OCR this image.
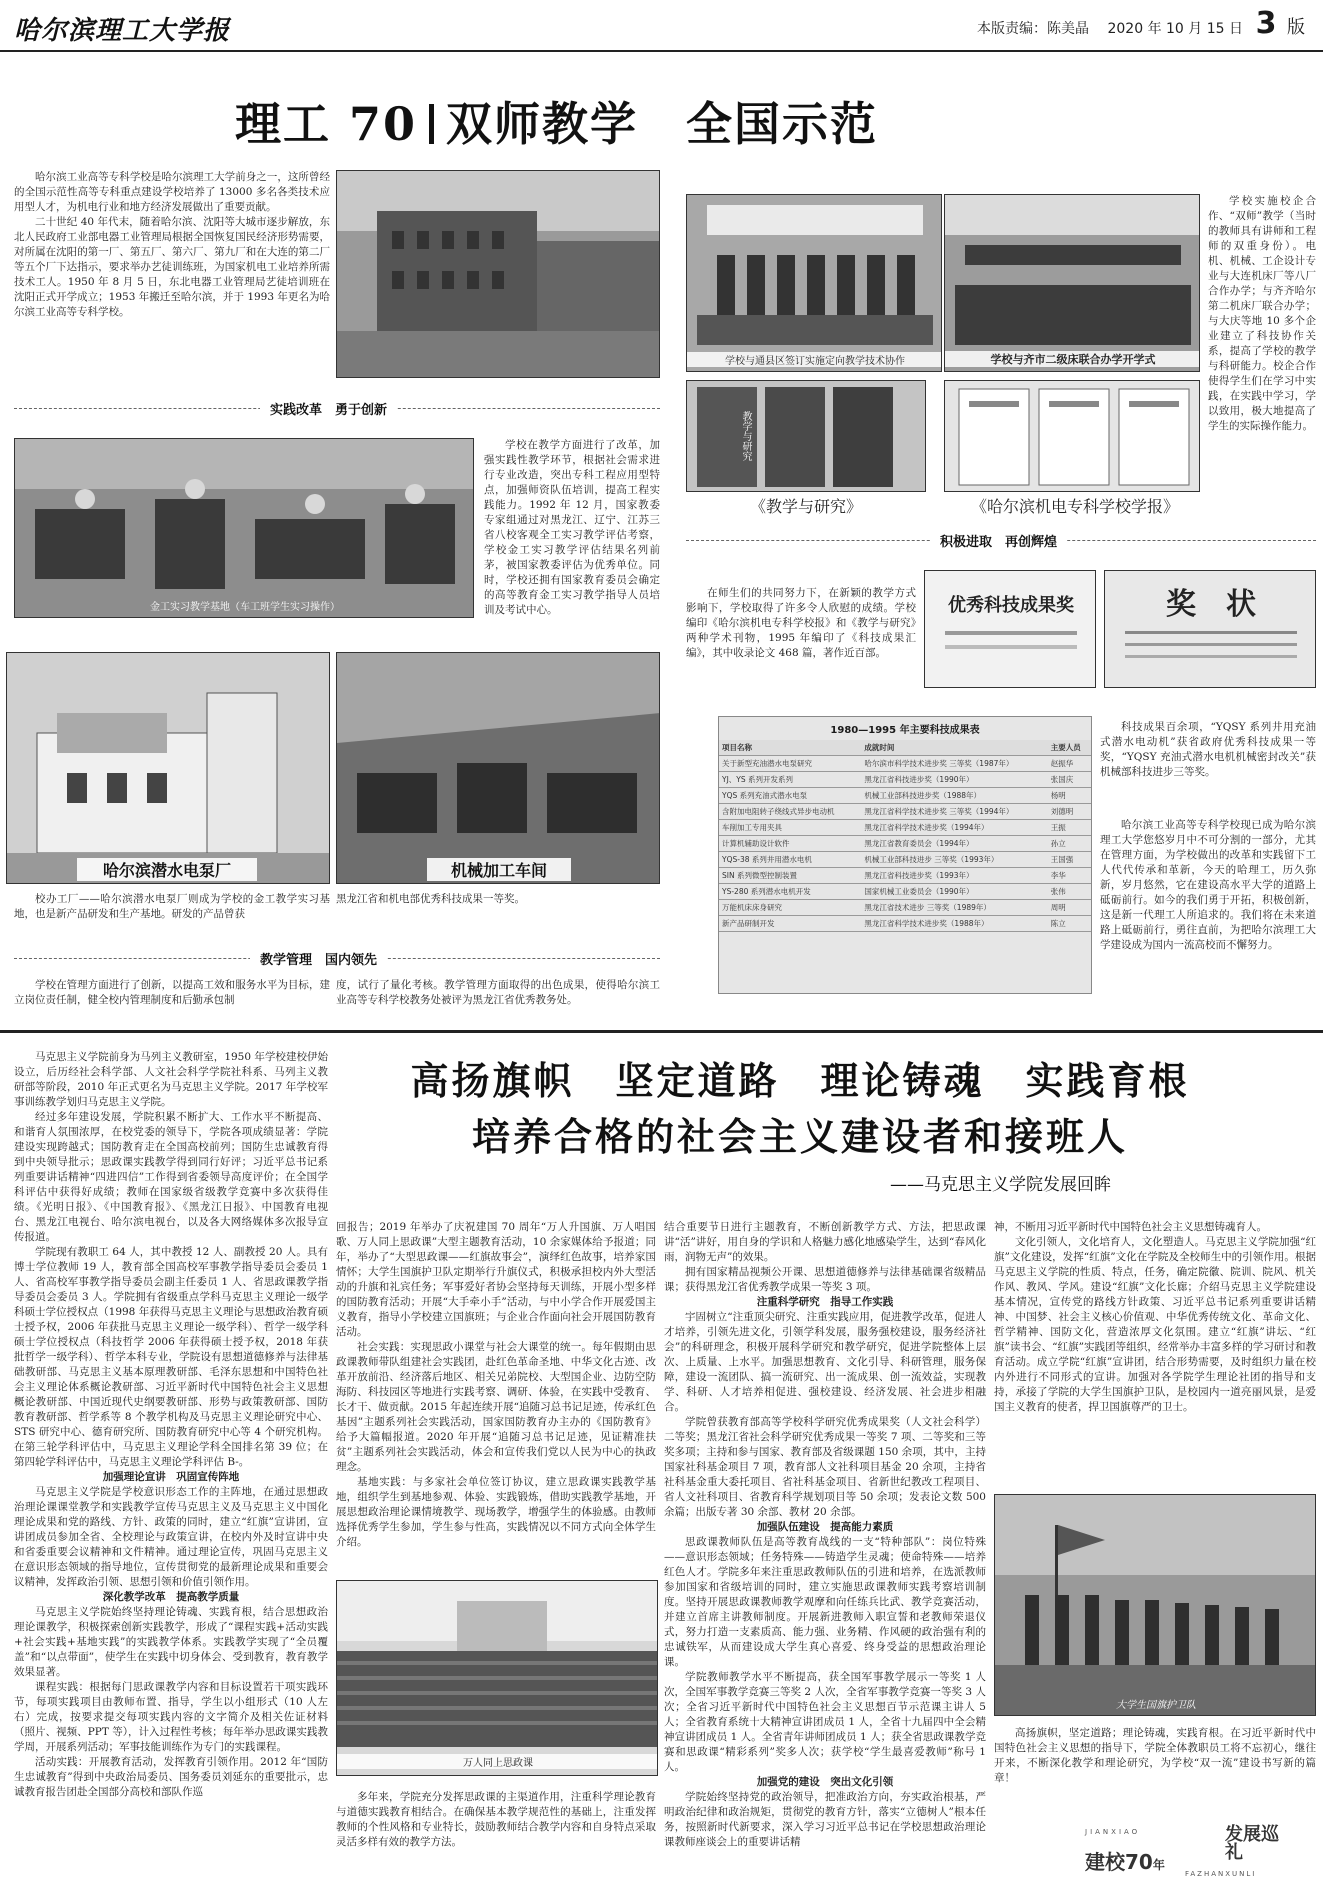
哈尔滨理工大学报	本版责编：陈美晶 2020 年 10 月 15 日 3 版
理工 70 双师教学　全国示范

哈尔滨工业高等专科学校是哈尔滨理工大学前身之一，这所曾经的全国示范性高等专科重点建设学校培养了 13000 多名各类技术应用型人才，为机电行业和地方经济发展做出了重要贡献。

二十世纪 40 年代末，随着哈尔滨、沈阳等大城市逐步解放，东北人民政府工业部电器工业管理局根据全国恢复国民经济形势需要，对所属在沈阳的第一厂、第五厂、第六厂、第九厂和在大连的第二厂等五个厂下达指示，要求举办艺徒训练班，为国家机电工业培养所需技术工人。1950 年 8 月 5 日，东北电器工业管理局艺徒培训班在沈阳正式开学成立；1953 年搬迁至哈尔滨，并于 1993 年更名为哈尔滨工业高等专科学校。

实践改革　勇于创新
金工实习教学基地（车工班学生实习操作）

学校在教学方面进行了改革，加强实践性教学环节，根据社会需求进行专业改造，突出专科工程应用型特点，加强师资队伍培训，提高工程实践能力。1992 年 12 月，国家教委专家组通过对黑龙江、辽宁、江苏三省八校客观全工实习教学评估考察，学校金工实习教学评估结果名列前茅，被国家教委评估为优秀单位。同时，学校还拥有国家教育委员会确定的高等教育金工实习教学指导人员培训及考试中心。

哈尔滨潜水电泵厂	机械加工车间

校办工厂——哈尔滨潜水电泵厂则成为学校的金工教学实习基地，也是新产品研发和生产基地。研发的产品曾获

黑龙江省和机电部优秀科技成果一等奖。

教学管理　国内领先

学校在管理方面进行了创新，以提高工效和服务水平为目标，建立岗位责任制，健全校内管理制度和后勤承包制

度，试行了量化考核。教学管理方面取得的出色成果，使得哈尔滨工业高等专科学校教务处被评为黑龙江省优秀教务处。

学校与通县区签订实施定向教学技术协作	学校与齐市二级床联合办学开学式

学校实施校企合作、“双师”教学（当时的教师具有讲师和工程师的双重身份）。电机、机械、工企设计专业与大连机床厂等八厂合作办学；与齐齐哈尔第二机床厂联合办学；与大庆等地 10 多个企业建立了科技协作关系，提高了学校的教学与科研能力。校企合作使得学生们在学习中实践，在实践中学习，学以致用，极大地提高了学生的实际操作能力。

教学与研究
《教学与研究》	《哈尔滨机电专科学校学报》
积极进取　再创辉煌

在师生们的共同努力下，在新颖的教学方式影响下，学校取得了许多令人欣慰的成绩。学校编印《哈尔滨机电专科学校报》和《教学与研究》两种学术刊物，1995 年编印了《科技成果汇编》，其中收录论文 468 篇，著作近百部。

优秀科技成果奖	奖　状
1980—1995 年主要科技成果表
项目名称	成就时间	主要人员
关于新型充油潜水电泵研究	哈尔滨市科学技术进步奖 三等奖（1987年）	赵振华
YJ、YS 系列开发系列	黑龙江省科技进步奖（1990年）	张国庆
YQS 系列充油式潜水电泵	机械工业部科技进步奖（1988年）	杨明
含附加电阻转子绕线式异步电动机	黑龙江省科学技术进步奖 三等奖（1994年）	刘德明
车削加工专用夹具	黑龙江省科学技术进步奖（1994年）	王振
计算机辅助设计软件	黑龙江省教育委员会（1994年）	孙立
YQS-38 系列井用潜水电机	机械工业部科技进步 三等奖（1993年）	王国强
SIN 系列微型控制装置	黑龙江省科技进步奖（1993年）	李华
YS-280 系列潜水电机开发	国家机械工业委员会（1990年）	张伟
万能机床床身研究	黑龙江省技术进步 三等奖（1989年）	周明
新产品研制开发	黑龙江省科学技术进步奖（1988年）	陈立

科技成果百余项，“YQSY 系列井用充油式潜水电动机”获省政府优秀科技成果一等奖，“YQSY 充油式潜水电机机械密封改关”获机械部科技进步三等奖。

哈尔滨工业高等专科学校现已成为哈尔滨理工大学您悠岁月中不可分割的一部分，尤其在管理方面，为学校做出的改革和实践留下工人代代传承和革新，今天的哈理工，历久弥新，岁月悠然，它在建设高水平大学的道路上砥砺前行。如今的我们勇于开拓，积极创新，这是新一代理工人所追求的。我们将在未来道路上砥砺前行，勇往直前，为把哈尔滨理工大学建设成为国内一流高校而不懈努力。

高扬旗帜　坚定道路　理论铸魂　实践育根
培养合格的社会主义建设者和接班人
——马克思主义学院发展回眸

马克思主义学院前身为马列主义教研室，1950 年学校建校伊始设立，后历经社会科学部、人文社会科学学院社科系、马列主义教研部等阶段，2010 年正式更名为马克思主义学院。2017 年学校军事训练教学划归马克思主义学院。

经过多年建设发展，学院积累不断扩大、工作水平不断提高、和谐育人氛围浓厚，在校党委的领导下，学院各项成绩显著：学院建设实现跨越式；国防教育走在全国高校前列；国防生忠诚教育得到中央领导批示；思政课实践教学得到同行好评；习近平总书记系列重要讲话精神“四进四信”工作得到省委领导高度评价；在全国学科评估中获得好成绩；教师在国家级省级教学竞赛中多次获得佳绩。《光明日报》、《中国教育报》、《黑龙江日报》、中国教育电视台、黑龙江电视台、哈尔滨电视台，以及各大网络媒体多次报导宣传报道。

学院现有教职工 64 人，其中教授 12 人、副教授 20 人。具有博士学位教师 19 人，教育部全国高校军事教学指导委员会委员 1 人、省高校军事教学指导委员会副主任委员 1 人、省思政课教学指导委员会委员 3 人。学院拥有省级重点学科马克思主义理论一级学科硕士学位授权点（1998 年获得马克思主义理论与思想政治教育硕士授予权，2006 年获批马克思主义理论一级学科）、哲学一级学科硕士学位授权点（科技哲学 2006 年获得硕士授予权，2018 年获批哲学一级学科）、哲学本科专业，学院设有思想道德修养与法律基础教研部、马克思主义基本原理教研部、毛泽东思想和中国特色社会主义理论体系概论教研部、习近平新时代中国特色社会主义思想概论教研部、中国近现代史纲要教研部、形势与政策教研部、国防教育教研部、哲学系等 8 个教学机构及马克思主义理论研究中心、STS 研究中心、德育研究所、国防教育研究中心等 4 个研究机构。在第三轮学科评估中，马克思主义理论学科全国排名第 39 位；在第四轮学科评估中，马克思主义理论学科评估 B-。

加强理论宣讲　巩固宣传阵地

马克思主义学院是学校意识形态工作的主阵地，在通过思想政治理论课课堂教学和实践教学宣传马克思主义及马克思主义中国化理论成果和党的路线、方针、政策的同时，建立“红旗”宣讲团，宣讲团成员参加全省、全校理论与政策宣讲，在校内外及时宣讲中央和省委重要会议精神和文件精神。通过理论宣传，巩固马克思主义在意识形态领域的指导地位，宣传贯彻党的最新理论成果和重要会议精神，发挥政治引领、思想引领和价值引领作用。

深化教学改革　提高教学质量

马克思主义学院始终坚持理论铸魂、实践育根，结合思想政治理论课教学，积极探索创新实践教学，形成了“课程实践+活动实践+社会实践+基地实践”的实践教学体系。实践教学实现了“全员覆盖”和“以点带面”，使学生在实践中切身体会、受到教育，教育教学效果显著。

课程实践：根据每门思政课教学内容和目标设置若干项实践环节，每项实践项目由教师布置、指导，学生以小组形式（10 人左右）完成，按要求提交每项实践内容的文字简介及相关佐证材料（照片、视频、PPT 等），计入过程性考核；每年举办思政课实践教学周，开展系列活动；军事技能训练作为专门的实践课程。

活动实践：开展教育活动，发挥教育引领作用。2012 年“国防生忠诚教育”得到中央政治局委员、国务委员刘延东的重要批示，忠诚教育报告团赴全国部分高校和部队作巡

回报告；2019 年举办了庆祝建国 70 周年“万人升国旗、万人唱国歌、万人同上思政课”大型主题教育活动，10 余家媒体给予报道；同年，举办了“大型思政课——红旗故事会”，演绎红色故事，培养家国情怀；大学生国旗护卫队定期举行升旗仪式，积极承担校内外大型活动的升旗和礼宾任务；军事爱好者协会坚持每天训练，开展小型多样的国防教育活动；开展“大手牵小手”活动，与中小学合作开展爱国主义教育，指导小学校建立国旗班；与企业合作面向社会开展国防教育活动。

社会实践：实现思政小课堂与社会大课堂的统一。每年假期由思政课教师带队组建社会实践团，赴红色革命圣地、中华文化古迹、改革开放前沿、经济落后地区、相关兄弟院校、大型国企业、边防空防海防、科技园区等地进行实践考察、调研、体验，在实践中受教育、长才干、做贡献。2015 年起连续开展“追随习总书记足迹，传承红色基因”主题系列社会实践活动，国家国防教育办主办的《国防教育》给予大篇幅报道。2020 年开展“追随习总书记足迹，见证精准扶贫”主题系列社会实践活动，体会和宣传我们党以人民为中心的执政理念。

基地实践：与多家社会单位签订协议，建立思政课实践教学基地，组织学生到基地参观、体验、实践锻炼，借助实践教学基地，开展思想政治理论课情境教学、现场教学，增强学生的体验感。由教师选择优秀学生参加，学生参与性高，实践情况以不同方式向全体学生介绍。

万人同上思政课

多年来，学院充分发挥思政课的主渠道作用，注重科学理论教育与道德实践教育相结合。在确保基本教学规范性的基础上，注重发挥教师的个性风格和专业特长，鼓励教师结合教学内容和自身特点采取灵活多样有效的教学方法。

结合重要节日进行主题教育，不断创新教学方式、方法，把思政课讲“活”讲好，用自身的学识和人格魅力感化地感染学生，达到“春风化雨，润物无声”的效果。

拥有国家精品视频公开课、思想道德修养与法律基础课省级精品课；获得黑龙江省优秀教学成果一等奖 3 项。

注重科学研究　指导工作实践

宇固树立“注重顶尖研究、注重实践应用，促进教学改革，促进人才培养，引领先进文化，引领学科发展，服务强校建设，服务经济社会”的科研理念，积极开展科学研究和教学研究，促进学院整体上层次、上质量、上水平。加强思想教育、文化引导、科研管理，服务保障，建设一流团队、搞一流研究、出一流成果、创一流效益，实现教学、科研、人才培养相促进、强校建设、经济发展、社会进步相融合。

学院曾获教育部高等学校科学研究优秀成果奖（人文社会科学）二等奖；黑龙江省社会科学研究优秀成果一等奖 7 项、二等奖和三等奖多项；主持和参与国家、教育部及省级课题 150 余项，其中，主持国家社科基金项目 7 项，教育部人文社科项目基金 20 余项，主持省社科基金重大委托项目、省社科基金项目、省新世纪教改工程项目、省人文社科项目、省教育科学规划项目等 50 余项；发表论文数 500 余篇；出版专著 30 余部、教材 20 余部。

加强队伍建设　提高能力素质

思政课教师队伍是高等教育战线的一支“特种部队”：岗位特殊——意识形态领域；任务特殊——铸造学生灵魂；使命特殊——培养红色人才。学院多年来注重思政教师队伍的引进和培养，在选派教师参加国家和省级培训的同时，建立实施思政课教师实践考察培训制度。坚持开展思政课教师教学观摩和向任练兵比武、教学竞赛活动，并建立首席主讲教师制度。开展新进教师入职宣誓和老教师荣退仪式，努力打造一支素质高、能力强、业务精、作风硬的政治强有利的忠诚铁军，从而建设成大学生真心喜爱、终身受益的思想政治理论课。

学院教师教学水平不断提高，获全国军事教学展示一等奖 1 人次，全国军事教学竞赛三等奖 2 人次，全省军事教学竞赛一等奖 3 人次；全省习近平新时代中国特色社会主义思想百节示范课主讲人 5 人；全省教育系统十大精神宣讲团成员 1 人，全省十九届四中全会精神宣讲团成员 1 人。全省青年讲师团成员 1 人；获全省思政课教学竞赛和思政课“精彩系列”奖多人次；获学校“学生最喜爱教师”称号 1 人。

加强党的建设　突出文化引领

学院始终坚持党的政治领导，把准政治方向，夯实政治根基，严明政治纪律和政治规矩，贯彻党的教育方针，落实“立德树人”根本任务，按照新时代新要求，深入学习习近平总书记在学校思想政治理论课教师座谈会上的重要讲话精

神，不断用习近平新时代中国特色社会主义思想铸魂育人。

文化引领人，文化培育人，文化塑造人。马克思主义学院加强“红旗”文化建设，发挥“红旗”文化在学院及全校师生中的引领作用。根据马克思主义学院的性质、特点，任务，确定院徽、院训、院风、机关作风、教风、学风。建设“红旗”文化长廊；介绍马克思主义学院建设基本情况，宣传党的路线方针政策、习近平总书记系列重要讲话精神、中国梦、社会主义核心价值观、中华优秀传统文化、革命文化、哲学精神、国防文化，营造浓厚文化氛围。建立“红旗”讲坛、“红旗”读书会、“红旗”实践团等组织，经常举办丰富多样的学习研讨和教育活动。成立学院“红旗”宣讲团，结合形势需要，及时组织力量在校内外进行不同形式的宣讲。加强对各学院学生理论社团的指导和支持，承接了学院的大学生国旗护卫队，是校园内一道亮丽风景，是爱国主义教育的使者，捍卫国旗尊严的卫士。

大学生国旗护卫队

高扬旗帜，坚定道路；理论铸魂，实践育根。在习近平新时代中国特色社会主义思想的指导下，学院全体教职员工将不忘初心，继往开来，不断深化教学和理论研究，为学校“双一流”建设书写新的篇章！

JIANXIAO
建校70年
发展巡礼
FAZHANXUNLI
